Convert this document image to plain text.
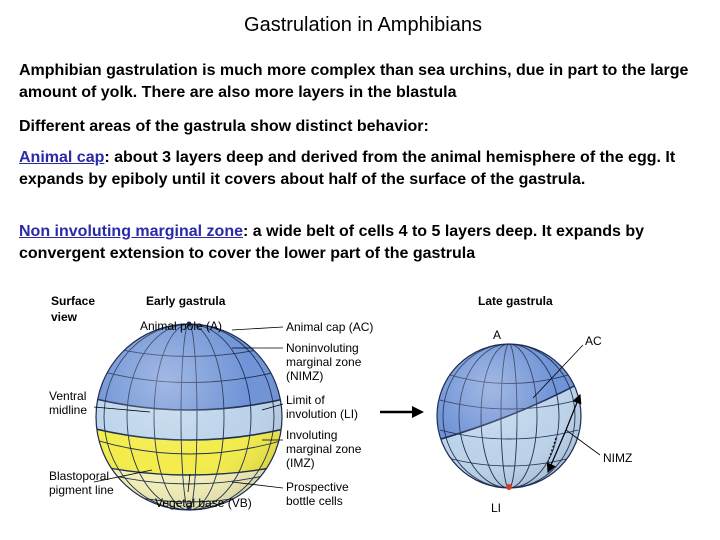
Gastrulation in Amphibians
Amphibian gastrulation is much more complex than sea urchins, due in part to the large amount of yolk. There are also more layers in the blastula
Different areas of the gastrula show distinct behavior:
Animal cap: about 3 layers deep and derived from the animal hemisphere of the egg. It expands by epiboly until it covers about half of the surface of the gastrula.
Non involuting marginal zone: a wide belt of cells 4 to 5 layers deep. It expands by convergent extension to cover the lower part of the gastrula
Surface
view
Early gastrula	Late gastrula
Animal pole (A)
Vegetal base (VB)
Ventral
midline
Blastoporal
pigment line
Animal cap (AC)
Noninvoluting
marginal zone
(NIMZ)
Limit of
involution (LI)
Involuting
marginal zone
(IMZ)
Prospective
bottle cells
A	AC
NIMZ
LI
